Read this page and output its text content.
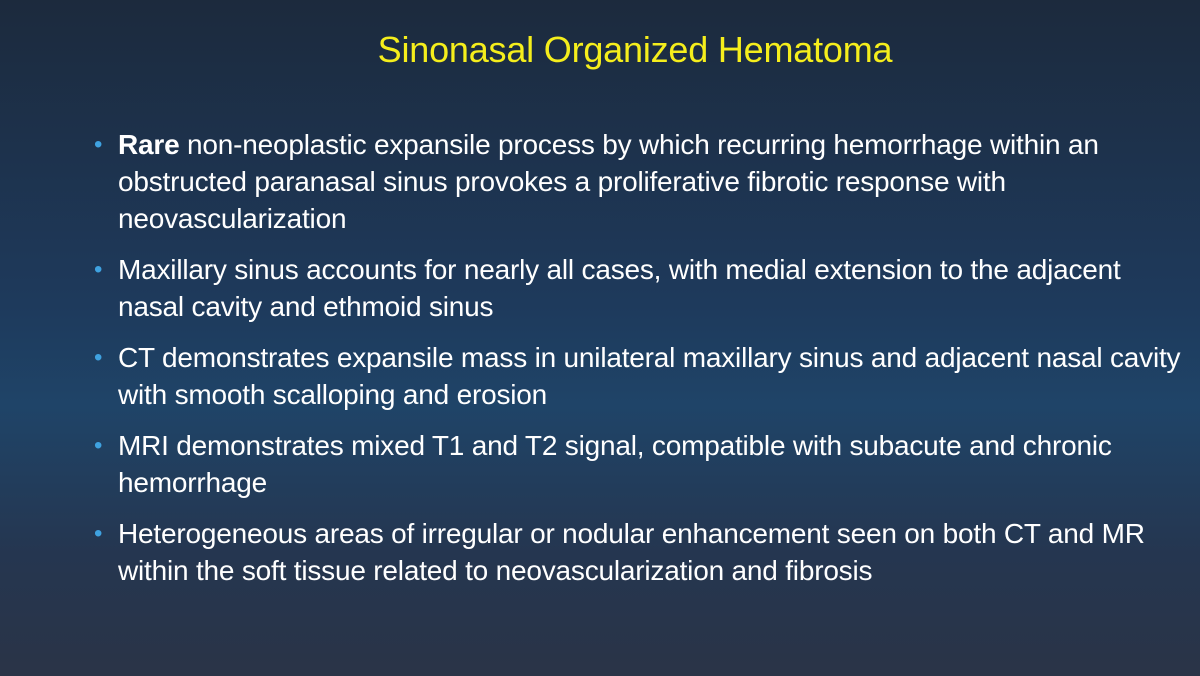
Sinonasal Organized Hematoma
• Rare non-neoplastic expansile process by which recurring hemorrhage within an obstructed paranasal sinus provokes a proliferative fibrotic response with neovascularization
• Maxillary sinus accounts for nearly all cases, with medial extension to the adjacent nasal cavity and ethmoid sinus
• CT demonstrates expansile mass in unilateral maxillary sinus and adjacent nasal cavity with smooth scalloping and erosion
• MRI demonstrates mixed T1 and T2 signal, compatible with subacute and chronic hemorrhage
• Heterogeneous areas of irregular or nodular enhancement seen on both CT and MR within the soft tissue related to neovascularization and fibrosis
